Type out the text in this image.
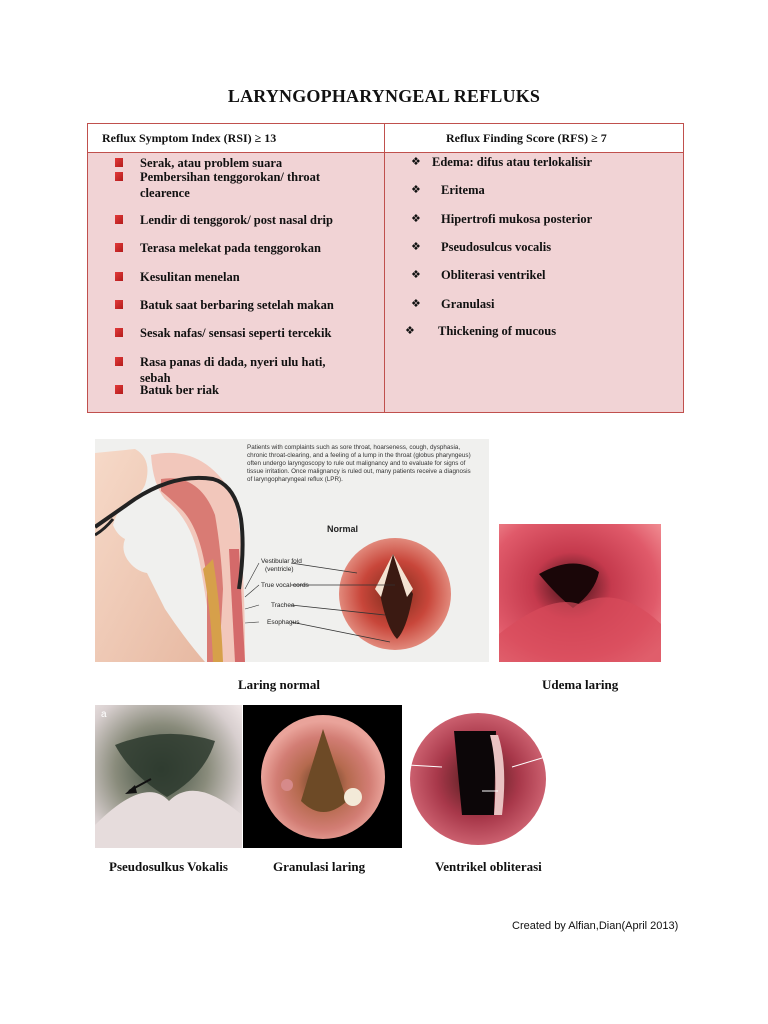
LARYNGOPHARYNGEAL REFLUKS
Reflux Symptom Index (RSI) ≥ 13	Reflux Finding Score (RFS) ≥ 7
Serak, atau problem suara
Pembersihan tenggorokan/ throat clearence
Lendir di tenggorok/ post nasal drip
Terasa melekat pada tenggorokan
Kesulitan menelan
Batuk saat berbaring setelah makan
Sesak nafas/ sensasi seperti tercekik
Rasa panas di dada, nyeri ulu hati, sebah
Batuk ber riak
❖ Edema: difus atau terlokalisir
❖ Eritema
❖ Hipertrofi mukosa posterior
❖ Pseudosulcus vocalis
❖ Obliterasi ventrikel
❖ Granulasi
❖ Thickening of mucous
Patients with complaints such as sore throat, hoarseness, cough, dysphasia,
chronic throat-clearing, and a feeling of a lump in the throat (globus pharyngeus)
often undergo laryngoscopy to rule out malignancy and to evaluate for signs of
tissue irritation. Once malignancy is ruled out, many patients receive a diagnosis
of laryngopharyngeal reflux (LPR).
Normal
Vestibular fold
(ventricle)
True vocal cords
Trachea
Esophagus
Laring normal	Udema laring
a
Pseudosulkus Vokalis	Granulasi laring	Ventrikel obliterasi
Created by Alfian,Dian(April 2013)
